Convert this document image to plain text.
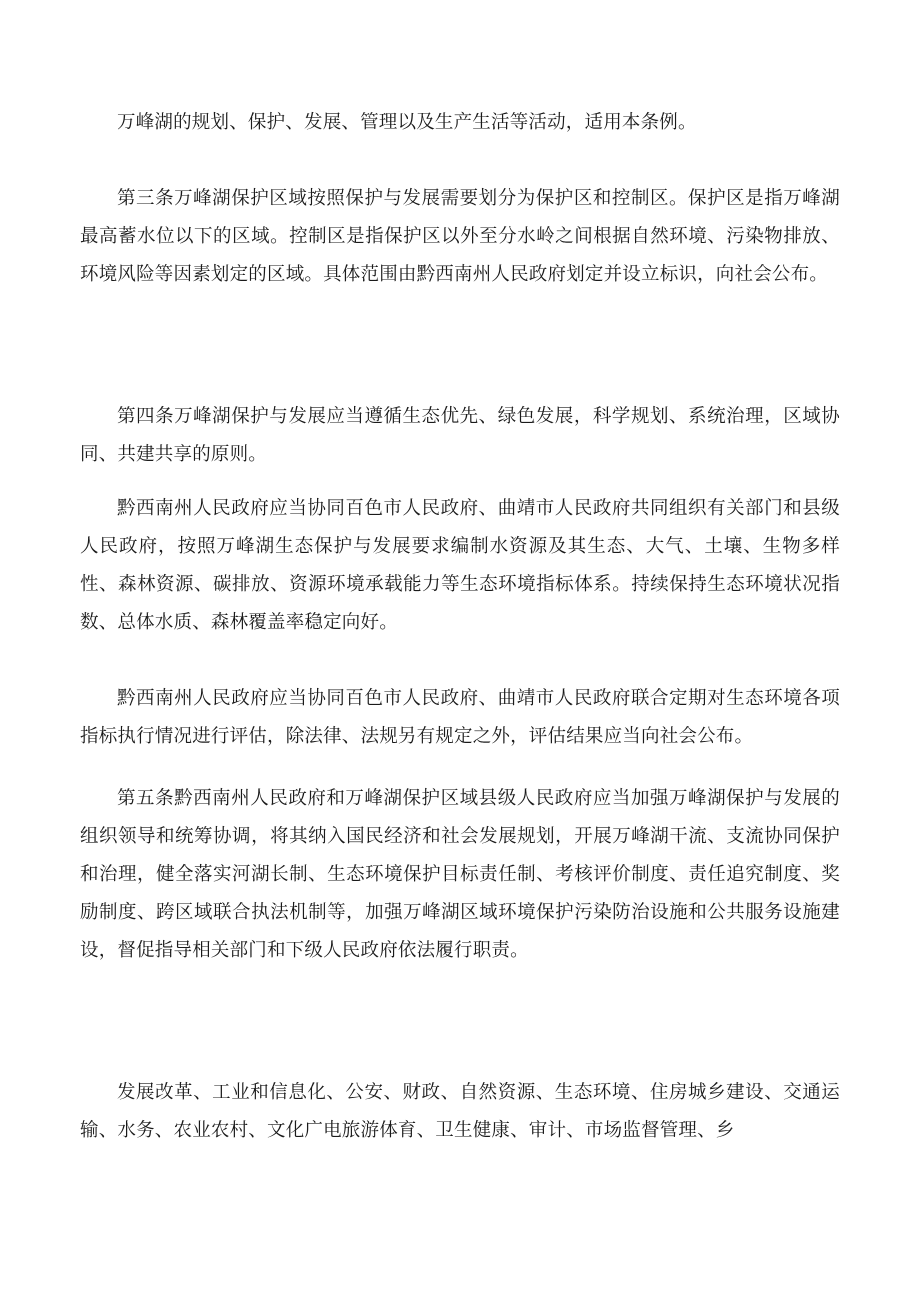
万峰湖的规划、保护、发展、管理以及生产生活等活动，适用本条例。

第三条万峰湖保护区域按照保护与发展需要划分为保护区和控制区。保护区是指万峰湖最高蓄水位以下的区域。控制区是指保护区以外至分水岭之间根据自然环境、污染物排放、环境风险等因素划定的区域。具体范围由黔西南州人民政府划定并设立标识，向社会公布。

第四条万峰湖保护与发展应当遵循生态优先、绿色发展，科学规划、系统治理，区域协同、共建共享的原则。

黔西南州人民政府应当协同百色市人民政府、曲靖市人民政府共同组织有关部门和县级人民政府，按照万峰湖生态保护与发展要求编制水资源及其生态、大气、土壤、生物多样性、森林资源、碳排放、资源环境承载能力等生态环境指标体系。持续保持生态环境状况指数、总体水质、森林覆盖率稳定向好。

黔西南州人民政府应当协同百色市人民政府、曲靖市人民政府联合定期对生态环境各项指标执行情况进行评估，除法律、法规另有规定之外，评估结果应当向社会公布。

第五条黔西南州人民政府和万峰湖保护区域县级人民政府应当加强万峰湖保护与发展的组织领导和统筹协调，将其纳入国民经济和社会发展规划，开展万峰湖干流、支流协同保护和治理，健全落实河湖长制、生态环境保护目标责任制、考核评价制度、责任追究制度、奖励制度、跨区域联合执法机制等，加强万峰湖区域环境保护污染防治设施和公共服务设施建设，督促指导相关部门和下级人民政府依法履行职责。

发展改革、工业和信息化、公安、财政、自然资源、生态环境、住房城乡建设、交通运输、水务、农业农村、文化广电旅游体育、卫生健康、审计、市场监督管理、乡
